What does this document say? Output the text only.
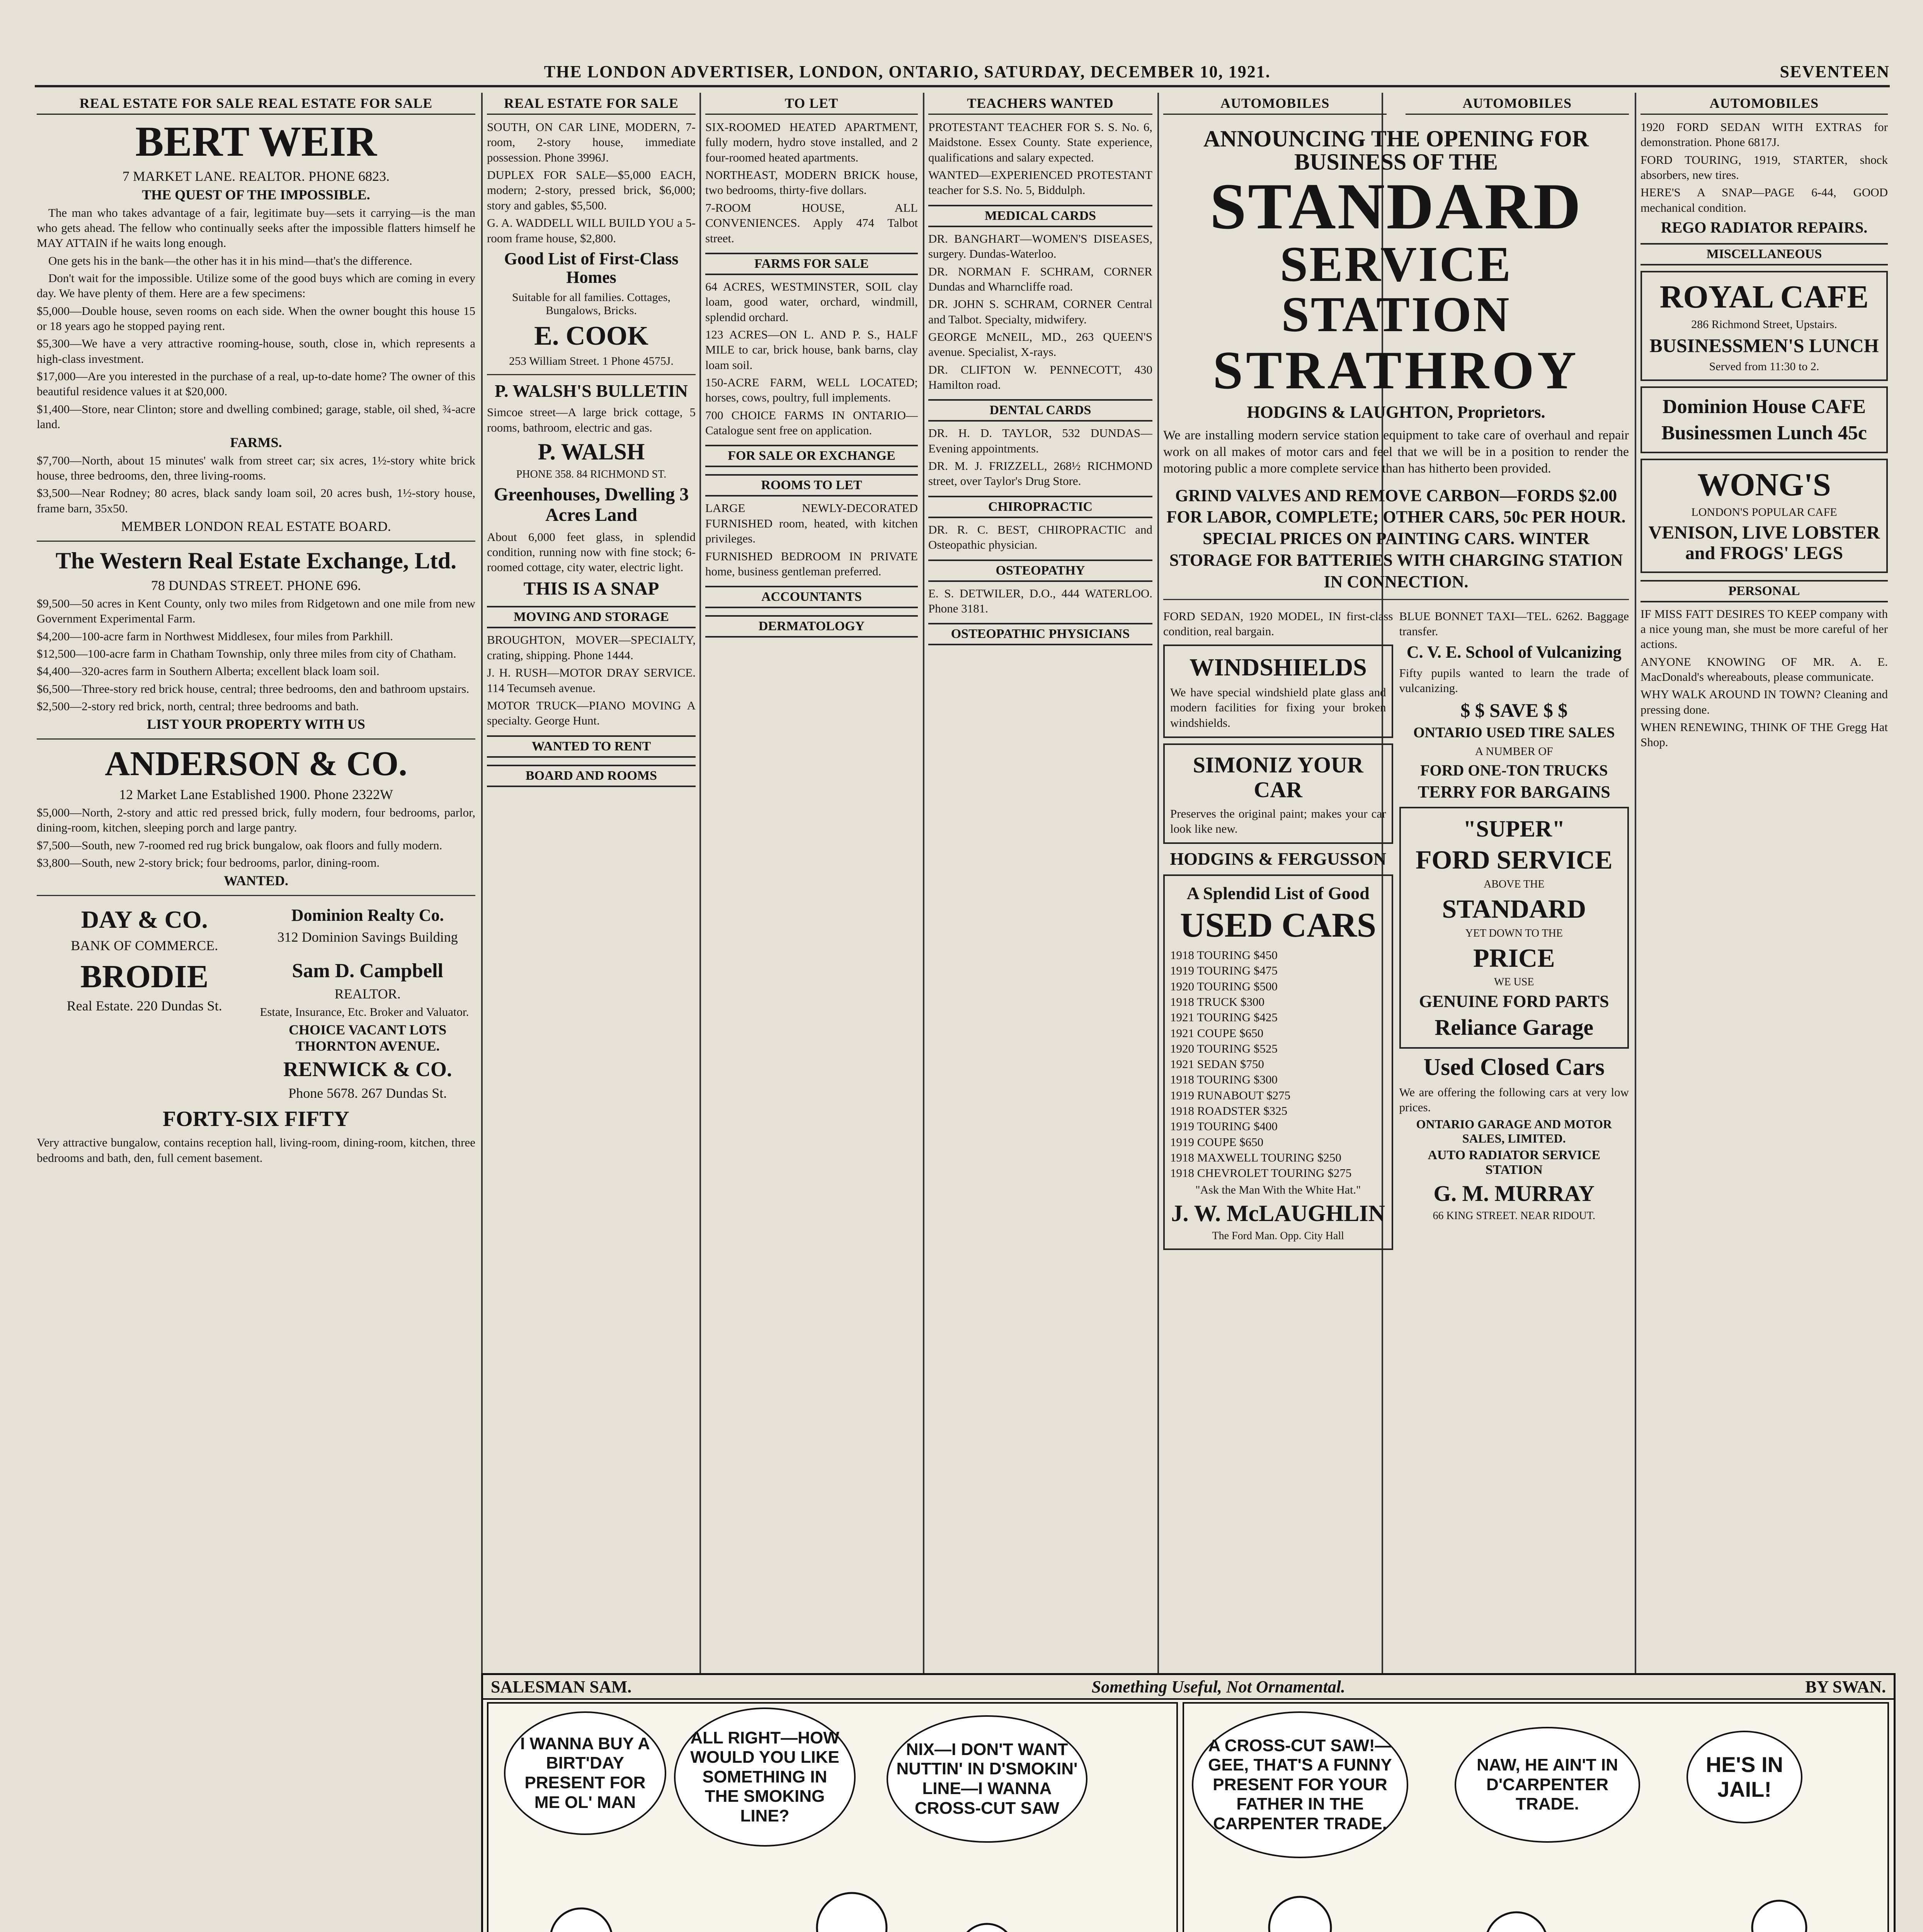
THE LONDON ADVERTISER, LONDON, ONTARIO, SATURDAY, DECEMBER 10, 1921.	SEVENTEEN
REAL ESTATE FOR SALE REAL ESTATE FOR SALE
BERT WEIR
7 MARKET LANE. REALTOR. PHONE 6823.
THE QUEST OF THE IMPOSSIBLE.
The man who takes advantage of a fair, legitimate buy—sets it carrying—is the man who gets ahead. The fellow who continually seeks after the impossible flatters himself he MAY ATTAIN if he waits long enough.
One gets his in the bank—the other has it in his mind—that's the difference.
Don't wait for the impossible. Utilize some of the good buys which are coming in every day. We have plenty of them. Here are a few specimens:
$5,000—Double house, seven rooms on each side. When the owner bought this house 15 or 18 years ago he stopped paying rent.
$5,300—We have a very attractive rooming-house, south, close in, which represents a high-class investment.
$17,000—Are you interested in the purchase of a real, up-to-date home? The owner of this beautiful residence values it at $20,000.
$1,400—Store, near Clinton; store and dwelling combined; garage, stable, oil shed, ¾-acre land.
FARMS.
$7,700—North, about 15 minutes' walk from street car; six acres, 1½-story white brick house, three bedrooms, den, three living-rooms.
$3,500—Near Rodney; 80 acres, black sandy loam soil, 20 acres bush, 1½-story house, frame barn, 35x50.
MEMBER LONDON REAL ESTATE BOARD.
The Western Real Estate Exchange, Ltd.
78 DUNDAS STREET. PHONE 696.
$9,500—50 acres in Kent County, only two miles from Ridgetown and one mile from new Government Experimental Farm.
$4,200—100-acre farm in Northwest Middlesex, four miles from Parkhill.
$12,500—100-acre farm in Chatham Township, only three miles from city of Chatham.
$4,400—320-acres farm in Southern Alberta; excellent black loam soil.
$6,500—Three-story red brick house, central; three bedrooms, den and bathroom upstairs.
$2,500—2-story red brick, north, central; three bedrooms and bath.
LIST YOUR PROPERTY WITH US
ANDERSON & CO.
12 Market Lane Established 1900. Phone 2322W
$5,000—North, 2-story and attic red pressed brick, fully modern, four bedrooms, parlor, dining-room, kitchen, sleeping porch and large pantry.
$7,500—South, new 7-roomed red rug brick bungalow, oak floors and fully modern.
$3,800—South, new 2-story brick; four bedrooms, parlor, dining-room.
WANTED.
DAY & CO.
BANK OF COMMERCE.
Dominion Realty Co.
312 Dominion Savings Building
BRODIE
Real Estate. 220 Dundas St.
Sam D. Campbell
REALTOR.
Estate, Insurance, Etc. Broker and Valuator.
CHOICE VACANT LOTS THORNTON AVENUE.
RENWICK & CO.
Phone 5678. 267 Dundas St.
FORTY-SIX FIFTY
Very attractive bungalow, contains reception hall, living-room, dining-room, kitchen, three bedrooms and bath, den, full cement basement.
REAL ESTATE FOR SALE
SOUTH, ON CAR LINE, MODERN, 7-room, 2-story house, immediate possession. Phone 3996J.
DUPLEX FOR SALE—$5,000 EACH, modern; 2-story, pressed brick, $6,000; story and gables, $5,500.
G. A. WADDELL WILL BUILD YOU a 5-room frame house, $2,800.
Good List of First-Class Homes
Suitable for all families. Cottages, Bungalows, Bricks.
E. COOK
253 William Street. 1 Phone 4575J.
P. WALSH'S BULLETIN
Simcoe street—A large brick cottage, 5 rooms, bathroom, electric and gas.
P. WALSH
PHONE 358. 84 RICHMOND ST.
Greenhouses, Dwelling 3 Acres Land
About 6,000 feet glass, in splendid condition, running now with fine stock; 6-roomed cottage, city water, electric light.
THIS IS A SNAP
MOVING AND STORAGE
BROUGHTON, MOVER—SPECIALTY, crating, shipping. Phone 1444.
J. H. RUSH—MOTOR DRAY SERVICE. 114 Tecumseh avenue.
MOTOR TRUCK—PIANO MOVING A specialty. George Hunt.
WANTED TO RENT
BOARD AND ROOMS
TO LET
SIX-ROOMED HEATED APARTMENT, fully modern, hydro stove installed, and 2 four-roomed heated apartments.
NORTHEAST, MODERN BRICK house, two bedrooms, thirty-five dollars.
7-ROOM HOUSE, ALL CONVENIENCES. Apply 474 Talbot street.
FARMS FOR SALE
64 ACRES, WESTMINSTER, SOIL clay loam, good water, orchard, windmill, splendid orchard.
123 ACRES—ON L. AND P. S., HALF MILE to car, brick house, bank barns, clay loam soil.
150-ACRE FARM, WELL LOCATED; horses, cows, poultry, full implements.
700 CHOICE FARMS IN ONTARIO—Catalogue sent free on application.
FOR SALE OR EXCHANGE
ROOMS TO LET
LARGE NEWLY-DECORATED FURNISHED room, heated, with kitchen privileges.
FURNISHED BEDROOM IN PRIVATE home, business gentleman preferred.
ACCOUNTANTS
DERMATOLOGY
TEACHERS WANTED
PROTESTANT TEACHER FOR S. S. No. 6, Maidstone. Essex County. State experience, qualifications and salary expected.
WANTED—EXPERIENCED PROTESTANT teacher for S.S. No. 5, Biddulph.
MEDICAL CARDS
DR. BANGHART—WOMEN'S DISEASES, surgery. Dundas-Waterloo.
DR. NORMAN F. SCHRAM, CORNER Dundas and Wharncliffe road.
DR. JOHN S. SCHRAM, CORNER Central and Talbot. Specialty, midwifery.
GEORGE McNEIL, MD., 263 QUEEN'S avenue. Specialist, X-rays.
DR. CLIFTON W. PENNECOTT, 430 Hamilton road.
DENTAL CARDS
DR. H. D. TAYLOR, 532 DUNDAS—Evening appointments.
DR. M. J. FRIZZELL, 268½ RICHMOND street, over Taylor's Drug Store.
CHIROPRACTIC
DR. R. C. BEST, CHIROPRACTIC and Osteopathic physician.
OSTEOPATHY
E. S. DETWILER, D.O., 444 WATERLOO. Phone 3181.
OSTEOPATHIC PHYSICIANS
AUTOMOBILES	AUTOMOBILES
ANNOUNCING THE OPENING FOR BUSINESS OF THE
STANDARD
SERVICE STATION
STRATHROY
HODGINS & LAUGHTON, Proprietors.
We are installing modern service station equipment to take care of overhaul and repair work on all makes of motor cars and feel that we will be in a position to render the motoring public a more complete service than has hitherto been provided.
GRIND VALVES AND REMOVE CARBON—FORDS $2.00 FOR LABOR, COMPLETE; OTHER CARS, 50c PER HOUR. SPECIAL PRICES ON PAINTING CARS. WINTER STORAGE FOR BATTERIES WITH CHARGING STATION IN CONNECTION.
FORD SEDAN, 1920 MODEL, IN first-class condition, real bargain.
WINDSHIELDS
We have special windshield plate glass and modern facilities for fixing your broken windshields.
SIMONIZ YOUR CAR
Preserves the original paint; makes your car look like new.
HODGINS & FERGUSSON
A Splendid List of Good
USED CARS
1918 TOURING $450
1919 TOURING $475
1920 TOURING $500
1918 TRUCK $300
1921 TOURING $425
1921 COUPE $650
1920 TOURING $525
1921 SEDAN $750
1918 TOURING $300
1919 RUNABOUT $275
1918 ROADSTER $325
1919 TOURING $400
1919 COUPE $650
1918 MAXWELL TOURING $250
1918 CHEVROLET TOURING $275
"Ask the Man With the White Hat."
J. W. McLAUGHLIN
The Ford Man. Opp. City Hall
BLUE BONNET TAXI—TEL. 6262. Baggage transfer.
C. V. E. School of Vulcanizing
Fifty pupils wanted to learn the trade of vulcanizing.
$ $ SAVE $ $
ONTARIO USED TIRE SALES
A NUMBER OF
FORD ONE-TON TRUCKS
TERRY FOR BARGAINS
"SUPER"
FORD SERVICE
ABOVE THE
STANDARD
YET DOWN TO THE
PRICE
WE USE
GENUINE FORD PARTS
Reliance Garage
Used Closed Cars
We are offering the following cars at very low prices.
ONTARIO GARAGE AND MOTOR SALES, LIMITED.
AUTO RADIATOR SERVICE STATION
G. M. MURRAY
66 KING STREET. NEAR RIDOUT.
AUTOMOBILES
1920 FORD SEDAN WITH EXTRAS for demonstration. Phone 6817J.
FORD TOURING, 1919, STARTER, shock absorbers, new tires.
HERE'S A SNAP—PAGE 6-44, GOOD mechanical condition.
REGO RADIATOR REPAIRS.
MISCELLANEOUS
ROYAL CAFE
286 Richmond Street, Upstairs.
BUSINESSMEN'S LUNCH
Served from 11:30 to 2.
Dominion House CAFE
Businessmen Lunch 45c
WONG'S
LONDON'S POPULAR CAFE
VENISON, LIVE LOBSTER and FROGS' LEGS
PERSONAL
IF MISS FATT DESIRES TO KEEP company with a nice young man, she must be more careful of her actions.
ANYONE KNOWING OF MR. A. E. MacDonald's whereabouts, please communicate.
WHY WALK AROUND IN TOWN? Cleaning and pressing done.
WHEN RENEWING, THINK OF THE Gregg Hat Shop.
SALESMAN SAM.	Something Useful, Not Ornamental.	BY SWAN.
I WANNA BUY A BIRT'DAY PRESENT FOR ME OL' MAN
ALL RIGHT—HOW WOULD YOU LIKE SOMETHING IN THE SMOKING LINE?
NIX—I DON'T WANT NUTTIN' IN D'SMOKIN' LINE—I WANNA CROSS-CUT SAW
A CROSS-CUT SAW!—GEE, THAT'S A FUNNY PRESENT FOR YOUR FATHER IN THE CARPENTER TRADE.
NAW, HE AIN'T IN D'CARPENTER TRADE.
HE'S IN JAIL!
